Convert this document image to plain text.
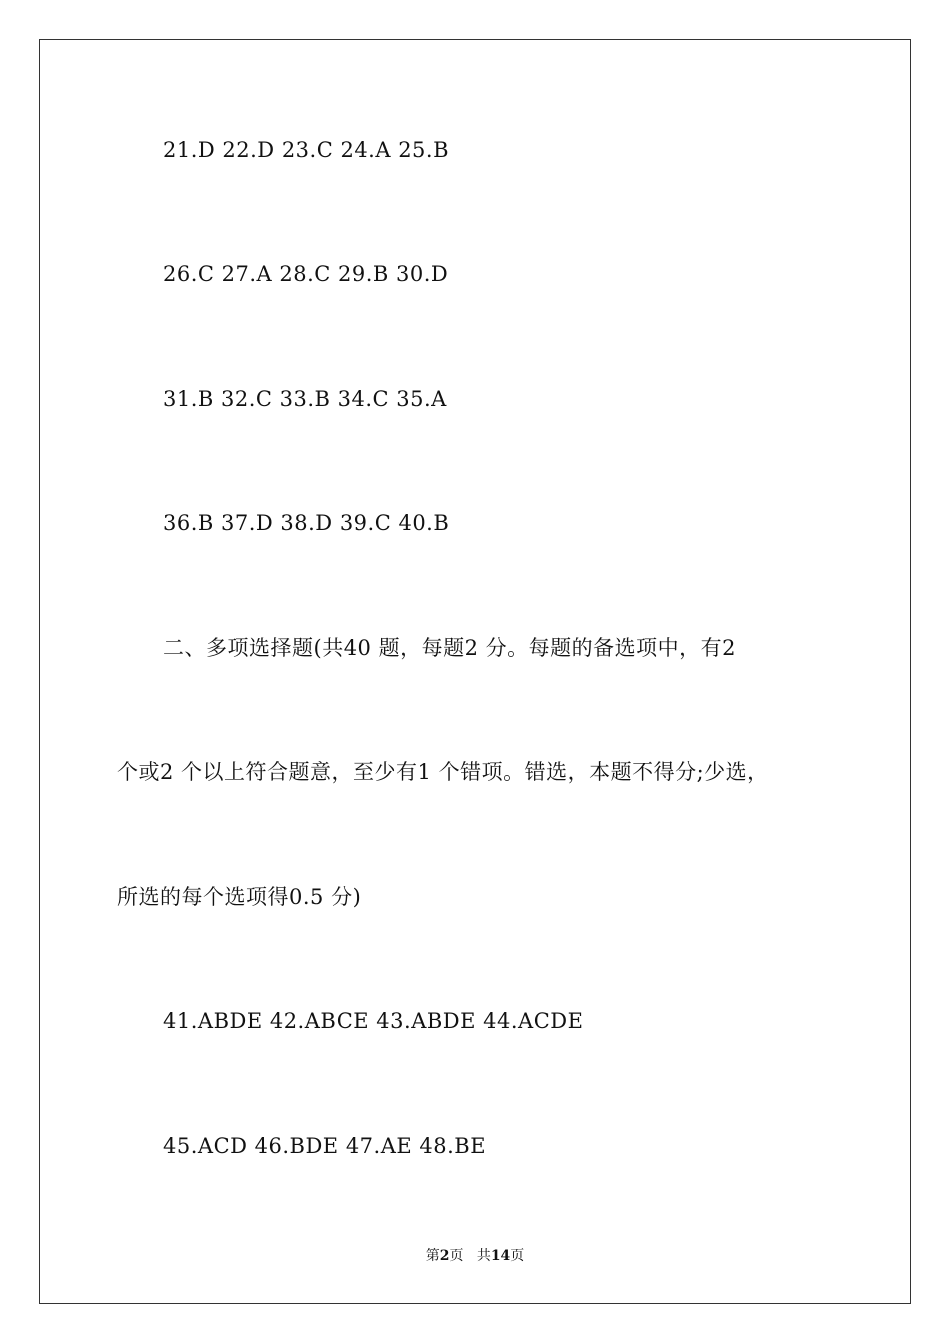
21.D 22.D 23.C 24.A 25.B
26.C 27.A 28.C 29.B 30.D
31.B 32.C 33.B 34.C 35.A
36.B 37.D 38.D 39.C 40.B
二、多项选择题(共40 题，每题2 分。每题的备选项中，有2
个或2 个以上符合题意，至少有1 个错项。错选，本题不得分;少选，
所选的每个选项得0.5 分)
41.ABDE 42.ABCE 43.ABDE 44.ACDE
45.ACD 46.BDE 47.AE 48.BE
第2页 共14页
